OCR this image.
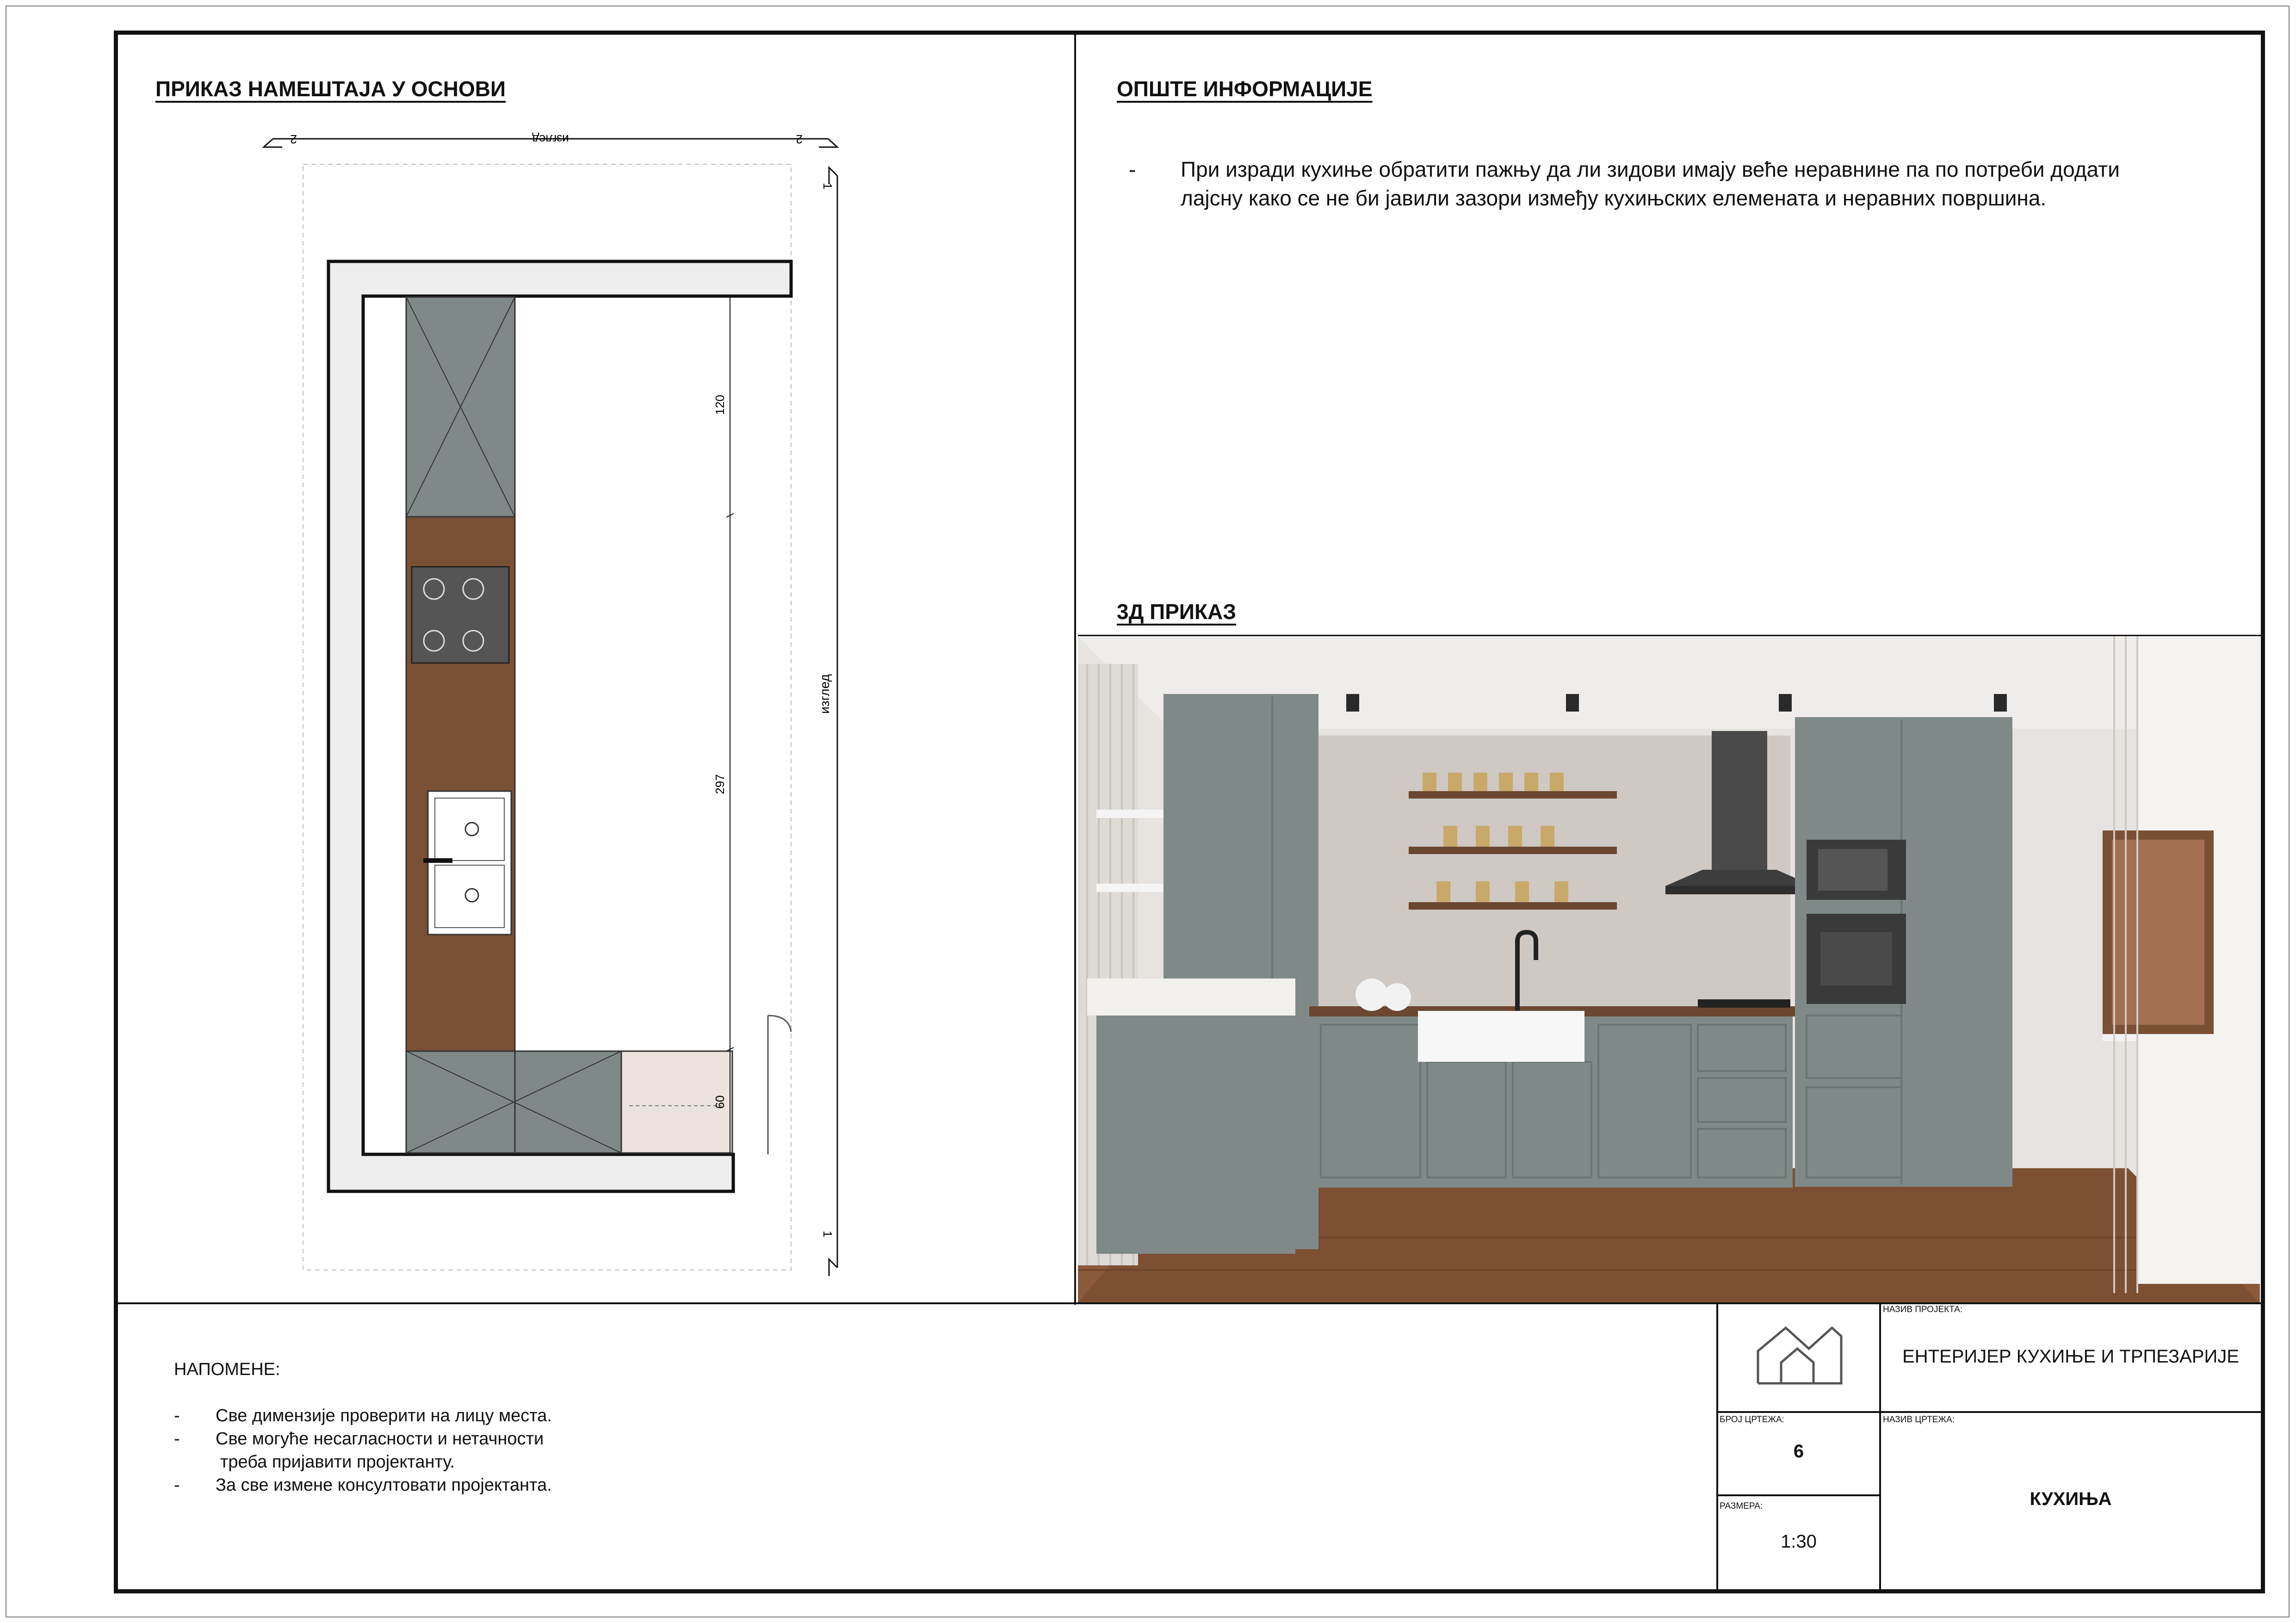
ПРИКАЗ НАМЕШТАЈА У ОСНОВИ
2	изглед	2
1
1
изглед
120
297
60
ОПШТЕ ИНФОРМАЦИЈЕ
- При изради кухиње обратити пажњу да ли зидови имају веће неравнине па по потреби додати лајсну како се не би јавили зазори између кухињских елемената и неравних површина.
3Д ПРИКАЗ
НАПОМЕНЕ:
- Све димензије проверити на лицу места.
- Све могуће несагласности и нетачности
треба пријавити пројектанту.
- За све измене консултовати пројектанта.
НАЗИВ ПРОЈЕКТА:
ЕНТЕРИЈЕР КУХИЊЕ И ТРПЕЗАРИЈЕ
БРОЈ ЦРТЕЖА:
6
НАЗИВ ЦРТЕЖА:
КУХИЊА
РАЗМЕРА:
1:30
